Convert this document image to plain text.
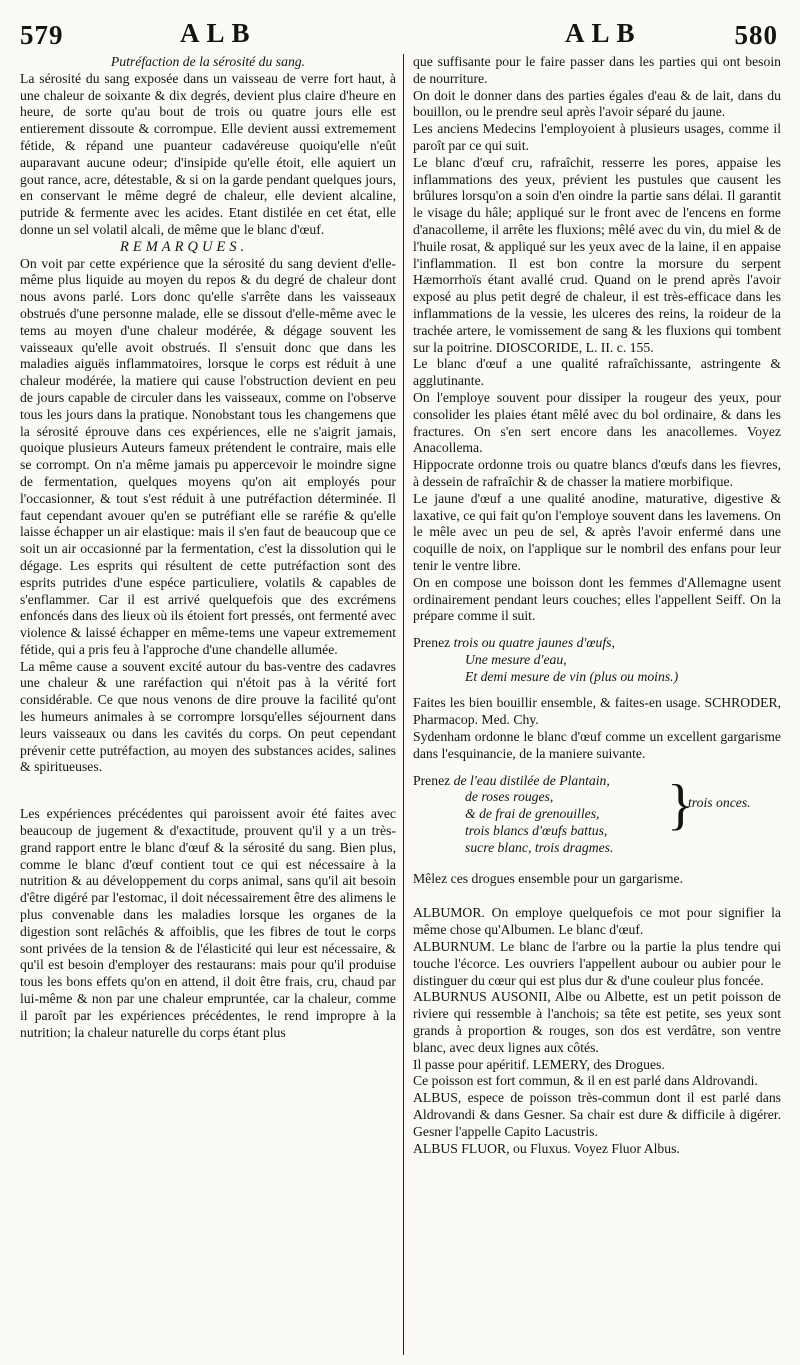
579	ALB	ALB	580

Putréfaction de la sérosité du sang.

La sérosité du sang exposée dans un vaisseau de verre fort haut, à une chaleur de soixante & dix degrés, devient plus claire d'heure en heure, de sorte qu'au bout de trois ou quatre jours elle est entierement dissoute & corrompue. Elle devient aussi extremement fétide, & répand une puanteur cadavéreuse quoiqu'elle n'eût auparavant aucune odeur; d'insipide qu'elle étoit, elle aquiert un gout rance, acre, détestable, & si on la garde pendant quelques jours, en conservant le même degré de chaleur, elle devient alcaline, putride & fermente avec les acides. Etant distilée en cet état, elle donne un sel volatil alcali, de même que le blanc d'œuf.

REMARQUES.

On voit par cette expérience que la sérosité du sang devient d'elle-même plus liquide au moyen du repos & du degré de chaleur dont nous avons parlé. Lors donc qu'elle s'arrête dans les vaisseaux obstrués d'une personne malade, elle se dissout d'elle-même avec le tems au moyen d'une chaleur modérée, & dégage souvent les vaisseaux qu'elle avoit obstrués. Il s'ensuit donc que dans les maladies aiguës inflammatoires, lorsque le corps est réduit à une chaleur modérée, la matiere qui cause l'obstruction devient en peu de jours capable de circuler dans les vaisseaux, comme on l'observe tous les jours dans la pratique. Nonobstant tous les changemens que la sérosité éprouve dans ces expériences, elle ne s'aigrit jamais, quoique plusieurs Auteurs fameux prétendent le contraire, mais elle se corrompt. On n'a même jamais pu appercevoir le moindre signe de fermentation, quelques moyens qu'on ait employés pour l'occasionner, & tout s'est réduit à une putréfaction déterminée. Il faut cependant avouer qu'en se putréfiant elle se raréfie & qu'elle laisse échapper un air elastique: mais il s'en faut de beaucoup que ce soit un air occasionné par la fermentation, c'est la dissolution qui le dégage. Les esprits qui résultent de cette putréfaction sont des esprits putrides d'une espéce particuliere, volatils & capables de s'enflammer. Car il est arrivé quelquefois que des excrémens enfoncés dans des lieux où ils étoient fort pressés, ont fermenté avec violence & laissé échapper en même-tems une vapeur extremement fétide, qui a pris feu à l'approche d'une chandelle allumée.

La même cause a souvent excité autour du bas-ventre des cadavres une chaleur & une raréfaction qui n'étoit pas à la vérité fort considérable. Ce que nous venons de dire prouve la facilité qu'ont les humeurs animales à se corrompre lorsqu'elles séjournent dans leurs vaisseaux ou dans les cavités du corps. On peut cependant prévenir cette putréfaction, au moyen des substances acides, salines & spiritueuses.

Les expériences précédentes qui paroissent avoir été faites avec beaucoup de jugement & d'exactitude, prouvent qu'il y a un très-grand rapport entre le blanc d'œuf & la sérosité du sang. Bien plus, comme le blanc d'œuf contient tout ce qui est nécessaire à la nutrition & au développement du corps animal, sans qu'il ait besoin d'être digéré par l'estomac, il doit nécessairement être des alimens le plus convenable dans les maladies lorsque les organes de la digestion sont relâchés & affoiblis, que les fibres de tout le corps sont privées de la tension & de l'élasticité qui leur est nécessaire, & qu'il est besoin d'employer des restaurans: mais pour qu'il produise tous les bons effets qu'on en attend, il doit être frais, cru, chaud par lui-même & non par une chaleur empruntée, car la chaleur, comme il paroît par les expériences précédentes, le rend impropre à la nutrition; la chaleur naturelle du corps étant plus

que suffisante pour le faire passer dans les parties qui ont besoin de nourriture.

On doit le donner dans des parties égales d'eau & de lait, dans du bouillon, ou le prendre seul après l'avoir séparé du jaune.

Les anciens Medecins l'employoient à plusieurs usages, comme il paroît par ce qui suit.

Le blanc d'œuf cru, rafraîchit, resserre les pores, appaise les inflammations des yeux, prévient les pustules que causent les brûlures lorsqu'on a soin d'en oindre la partie sans délai. Il garantit le visage du hâle; appliqué sur le front avec de l'encens en forme d'anacolleme, il arrête les fluxions; mêlé avec du vin, du miel & de l'huile rosat, & appliqué sur les yeux avec de la laine, il en appaise l'inflammation. Il est bon contre la morsure du serpent Hæmorrhoïs étant avallé crud. Quand on le prend après l'avoir exposé au plus petit degré de chaleur, il est très-efficace dans les inflammations de la vessie, les ulceres des reins, la roideur de la trachée artere, le vomissement de sang & les fluxions qui tombent sur la poitrine. DIOSCORIDE, L. II. c. 155.

Le blanc d'œuf a une qualité rafraîchissante, astringente & agglutinante.

On l'employe souvent pour dissiper la rougeur des yeux, pour consolider les plaies étant mêlé avec du bol ordinaire, & dans les fractures. On s'en sert encore dans les anacollemes. Voyez Anacollema.

Hippocrate ordonne trois ou quatre blancs d'œufs dans les fievres, à dessein de rafraîchir & de chasser la matiere morbifique.

Le jaune d'œuf a une qualité anodine, maturative, digestive & laxative, ce qui fait qu'on l'employe souvent dans les lavemens. On le mêle avec un peu de sel, & après l'avoir enfermé dans une coquille de noix, on l'applique sur le nombril des enfans pour leur tenir le ventre libre.

On en compose une boisson dont les femmes d'Allemagne usent ordinairement pendant leurs couches; elles l'appellent Seiff. On la prépare comme il suit.

Prenez trois ou quatre jaunes d'œufs,
Une mesure d'eau,
Et demi mesure de vin (plus ou moins.)

Faites les bien bouillir ensemble, & faites-en usage. SCHRODER, Pharmacop. Med. Chy.

Sydenham ordonne le blanc d'œuf comme un excellent gargarisme dans l'esquinancie, de la maniere suivante.

Prenez de l'eau distilée de Plantain,
de roses rouges,
& de frai de grenouilles,
trois blancs d'œufs battus,
sucre blanc, trois dragmes.
}
trois onces.

Mêlez ces drogues ensemble pour un gargarisme.

ALBUMOR. On employe quelquefois ce mot pour signifier la même chose qu'Albumen. Le blanc d'œuf.

ALBURNUM. Le blanc de l'arbre ou la partie la plus tendre qui touche l'écorce. Les ouvriers l'appellent aubour ou aubier pour le distinguer du cœur qui est plus dur & d'une couleur plus foncée.

ALBURNUS AUSONII, Albe ou Albette, est un petit poisson de riviere qui ressemble à l'anchois; sa tête est petite, ses yeux sont grands à proportion & rouges, son dos est verdâtre, son ventre blanc, avec deux lignes aux côtés.

Il passe pour apéritif. LEMERY, des Drogues.

Ce poisson est fort commun, & il en est parlé dans Aldrovandi.

ALBUS, espece de poisson très-commun dont il est parlé dans Aldrovandi & dans Gesner. Sa chair est dure & difficile à digérer. Gesner l'appelle Capito Lacustris.

ALBUS FLUOR, ou Fluxus. Voyez Fluor Albus.
